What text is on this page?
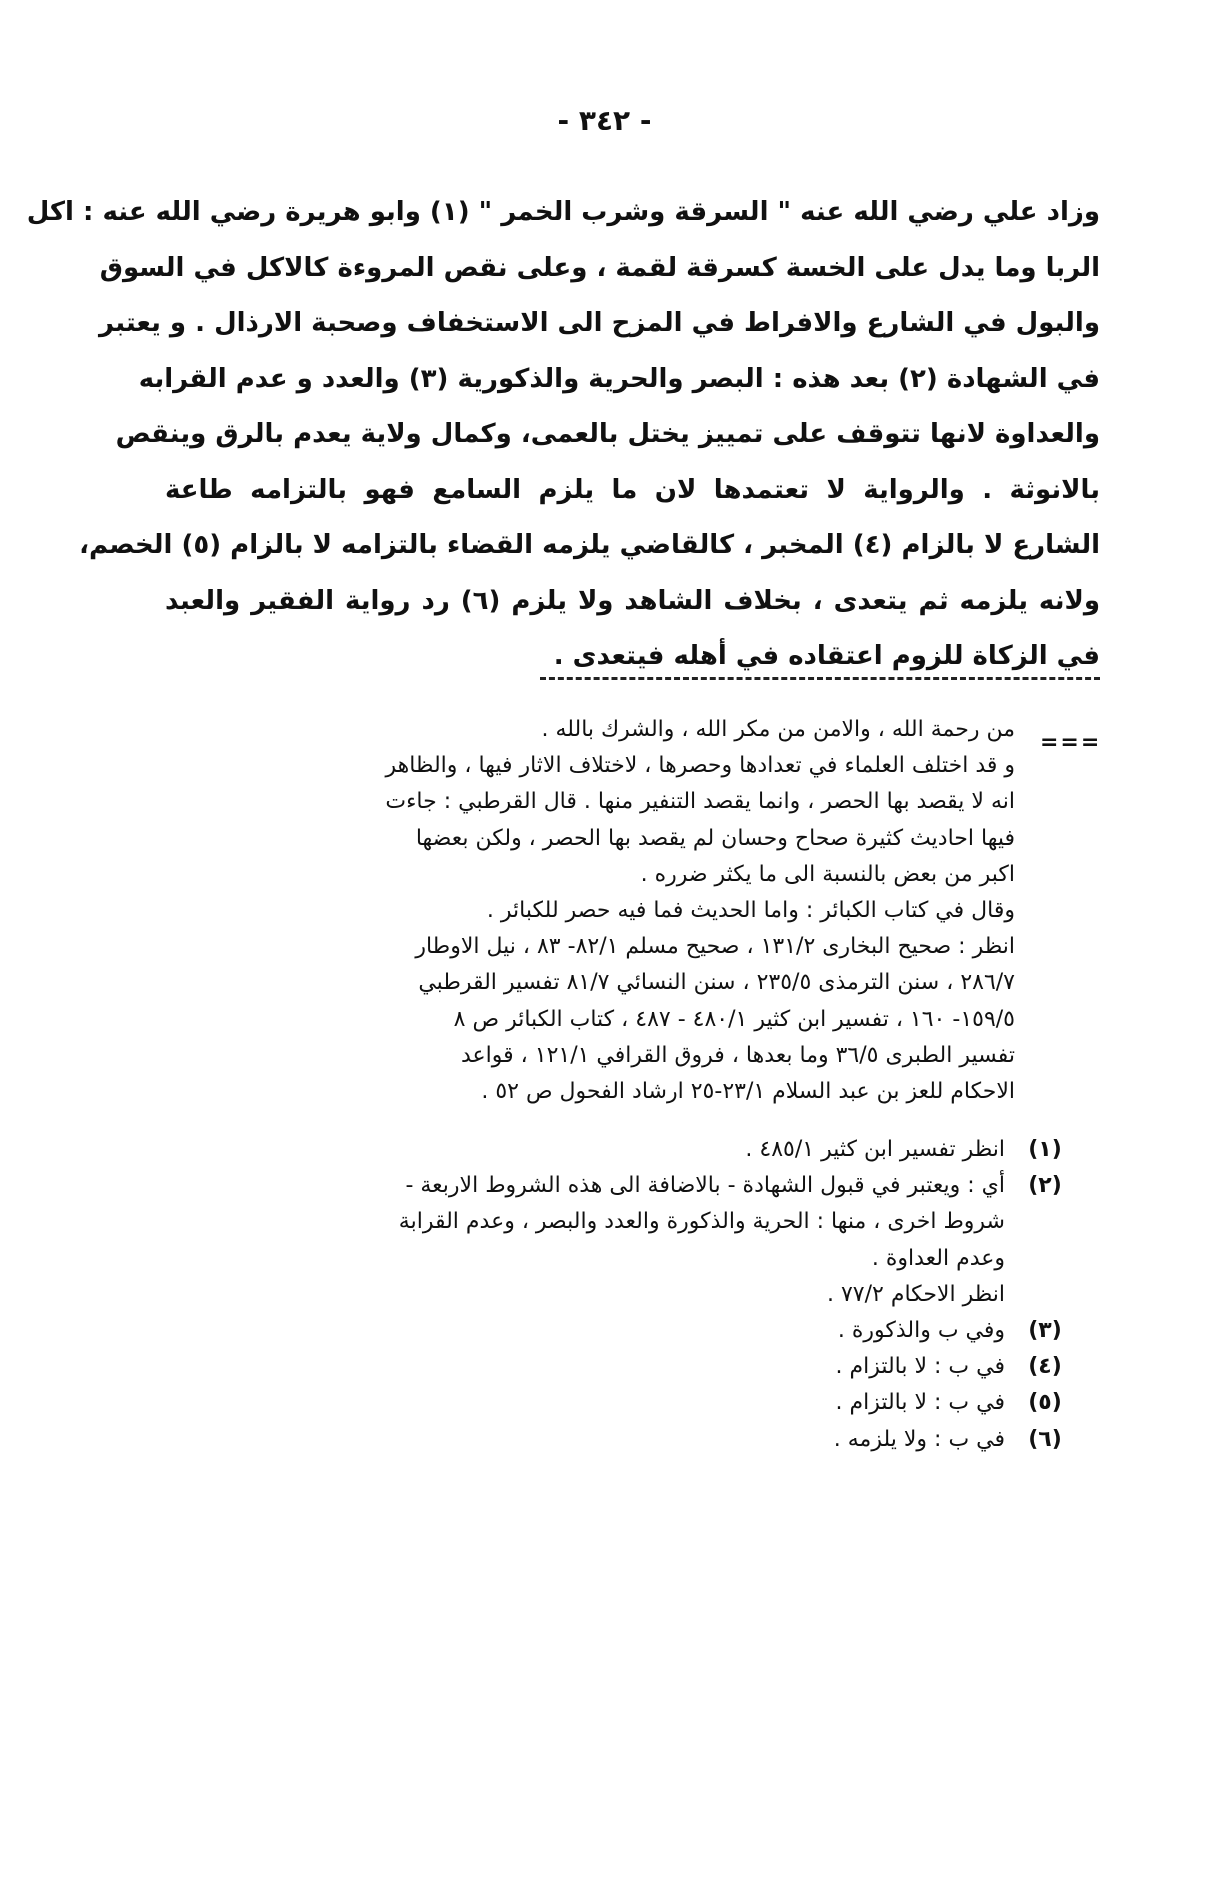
- ٣٤٢ -
وزاد علي رضي الله عنه " السرقة وشرب الخمر " (١) وابو هريرة رضي الله عنه : اكل
الربا وما يدل على الخسة كسرقة لقمة ، وعلى نقص المروءة كالاكل في السوق
والبول في الشارع والافراط في المزح الى الاستخفاف وصحبة الارذال . و يعتبر
في الشهادة (٢) بعد هذه : البصر والحرية والذكورية (٣) والعدد و عدم القرابه
والعداوة لانها تتوقف على تمييز يختل بالعمى، وكمال ولاية يعدم بالرق وينقص
بالانوثة . والرواية لا تعتمدها لان ما يلزم السامع فهو بالتزامه طاعة
الشارع لا بالزام (٤) المخبر ، كالقاضي يلزمه القضاء بالتزامه لا بالزام (٥) الخصم،
ولانه يلزمه ثم يتعدى ، بخلاف الشاهد ولا يلزم (٦) رد رواية الفقير والعبد
في الزكاة للزوم اعتقاده في أهله فيتعدى .
===
من رحمة الله ، والامن من مكر الله ، والشرك بالله .
و قد اختلف العلماء في تعدادها وحصرها ، لاختلاف الاثار فيها ، والظاهر
انه لا يقصد بها الحصر ، وانما يقصد التنفير منها . قال القرطبي : جاءت
فيها احاديث كثيرة صحاح وحسان لم يقصد بها الحصر ، ولكن بعضها
اكبر من بعض بالنسبة الى ما يكثر ضرره .
وقال في كتاب الكبائر : واما الحديث فما فيه حصر للكبائر .
انظر : صحيح البخارى ١٣١/٢ ، صحيح مسلم ٨٢/١- ٨٣ ، نيل الاوطار
٢٨٦/٧ ، سنن الترمذى ٢٣٥/٥ ، سنن النسائي ٨١/٧ تفسير القرطبي
١٥٩/٥- ١٦٠ ، تفسير ابن كثير ٤٨٠/١ - ٤٨٧ ، كتاب الكبائر ص ٨
تفسير الطبرى ٣٦/٥ وما بعدها ، فروق القرافي ١٢١/١ ، قواعد
الاحكام للعز بن عبد السلام ٢٣/١-٢٥ ارشاد الفحول ص ٥٢ .
(١)
انظر تفسير ابن كثير ٤٨٥/١ .
(٢)
أي : ويعتبر في قبول الشهادة - بالاضافة الى هذه الشروط الاربعة -
شروط اخرى ، منها : الحرية والذكورة والعدد والبصر ، وعدم القرابة
وعدم العداوة .
انظر الاحكام ٧٧/٢ .
(٣)
وفي ب والذكورة .
(٤)
في ب : لا بالتزام .
(٥)
في ب : لا بالتزام .
(٦)
في ب : ولا يلزمه .
